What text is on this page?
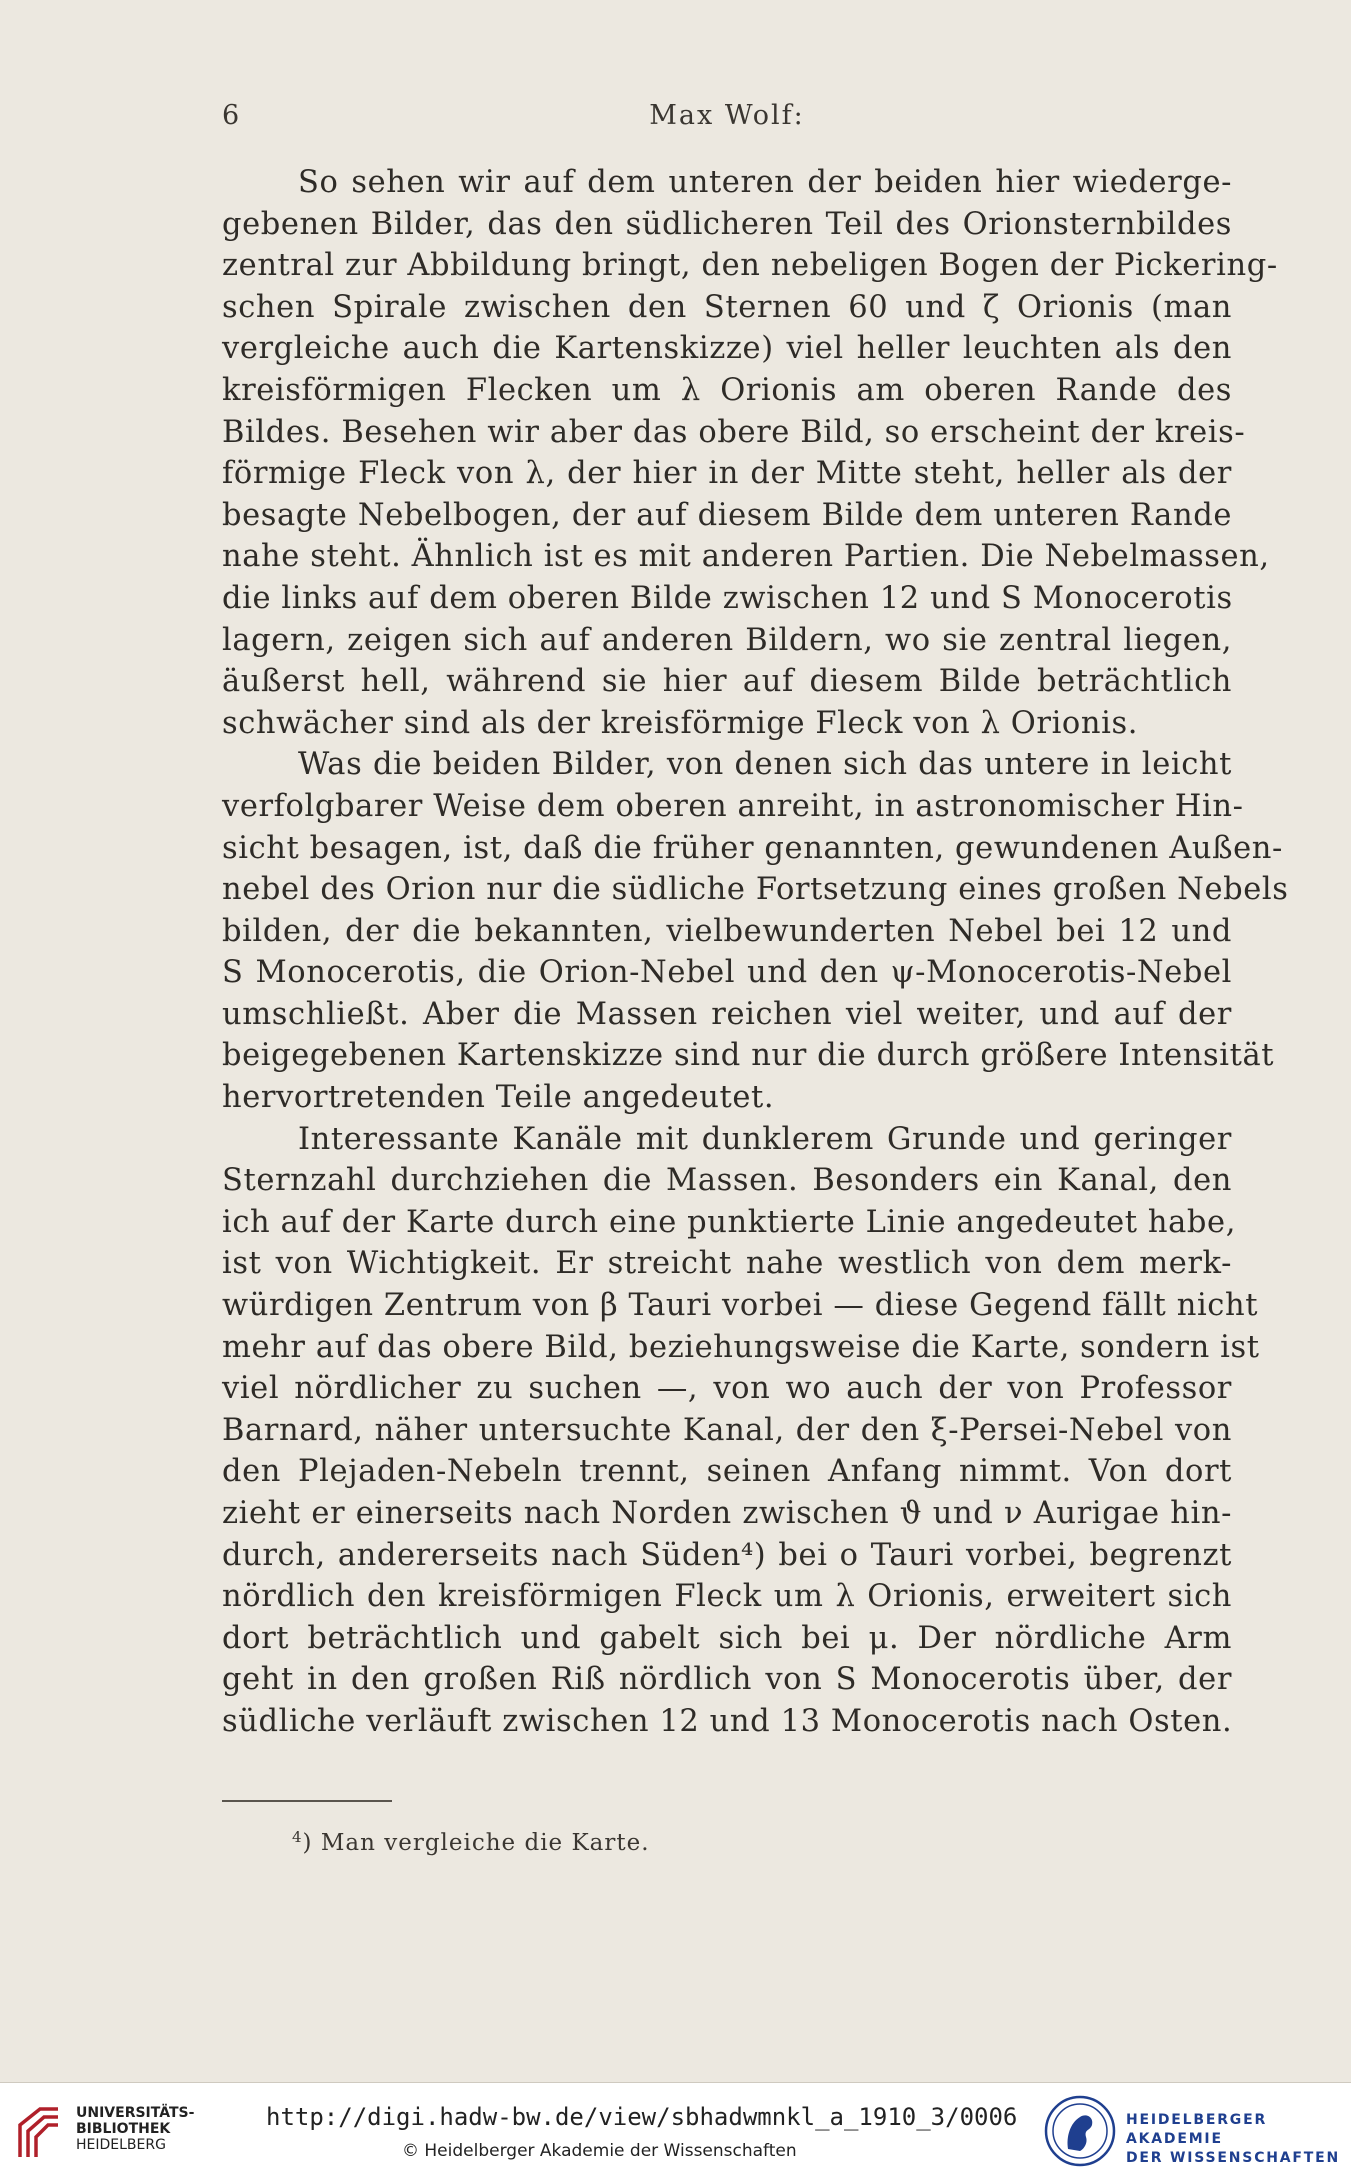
6	Max Wolf:
So sehen wir auf dem unteren der beiden hier wiederge-
gebenen Bilder, das den südlicheren Teil des Orionsternbildes
zentral zur Abbildung bringt, den nebeligen Bogen der Pickering-
schen Spirale zwischen den Sternen 60 und ζ Orionis (man
vergleiche auch die Kartenskizze) viel heller leuchten als den
kreisförmigen Flecken um λ Orionis am oberen Rande des
Bildes. Besehen wir aber das obere Bild, so erscheint der kreis-
förmige Fleck von λ, der hier in der Mitte steht, heller als der
besagte Nebelbogen, der auf diesem Bilde dem unteren Rande
nahe steht. Ähnlich ist es mit anderen Partien. Die Nebelmassen,
die links auf dem oberen Bilde zwischen 12 und S Monocerotis
lagern, zeigen sich auf anderen Bildern, wo sie zentral liegen,
äußerst hell, während sie hier auf diesem Bilde beträchtlich
schwächer sind als der kreisförmige Fleck von λ Orionis.
Was die beiden Bilder, von denen sich das untere in leicht
verfolgbarer Weise dem oberen anreiht, in astronomischer Hin-
sicht besagen, ist, daß die früher genannten, gewundenen Außen-
nebel des Orion nur die südliche Fortsetzung eines großen Nebels
bilden, der die bekannten, vielbewunderten Nebel bei 12 und
S Monocerotis, die Orion-Nebel und den ψ-Monocerotis-Nebel
umschließt. Aber die Massen reichen viel weiter, und auf der
beigegebenen Kartenskizze sind nur die durch größere Intensität
hervortretenden Teile angedeutet.
Interessante Kanäle mit dunklerem Grunde und geringer
Sternzahl durchziehen die Massen. Besonders ein Kanal, den
ich auf der Karte durch eine punktierte Linie angedeutet habe,
ist von Wichtigkeit. Er streicht nahe westlich von dem merk-
würdigen Zentrum von β Tauri vorbei — diese Gegend fällt nicht
mehr auf das obere Bild, beziehungsweise die Karte, sondern ist
viel nördlicher zu suchen —, von wo auch der von Professor
Barnard, näher untersuchte Kanal, der den ξ-Persei-Nebel von
den Plejaden-Nebeln trennt, seinen Anfang nimmt. Von dort
zieht er einerseits nach Norden zwischen ϑ und ν Aurigae hin-
durch, andererseits nach Süden⁴) bei ο Tauri vorbei, begrenzt
nördlich den kreisförmigen Fleck um λ Orionis, erweitert sich
dort beträchtlich und gabelt sich bei μ. Der nördliche Arm
geht in den großen Riß nördlich von S Monocerotis über, der
südliche verläuft zwischen 12 und 13 Monocerotis nach Osten.
$^4$) Man vergleiche die Karte.
UNIVERSITÄTS-
BIBLIOTHEK
HEIDELBERG
http://digi.hadw-bw.de/view/sbhadwmnkl_a_1910_3/0006
© Heidelberger Akademie der Wissenschaften
HEIDELBERGER AKADEMIE
DER WISSENSCHAFTEN
